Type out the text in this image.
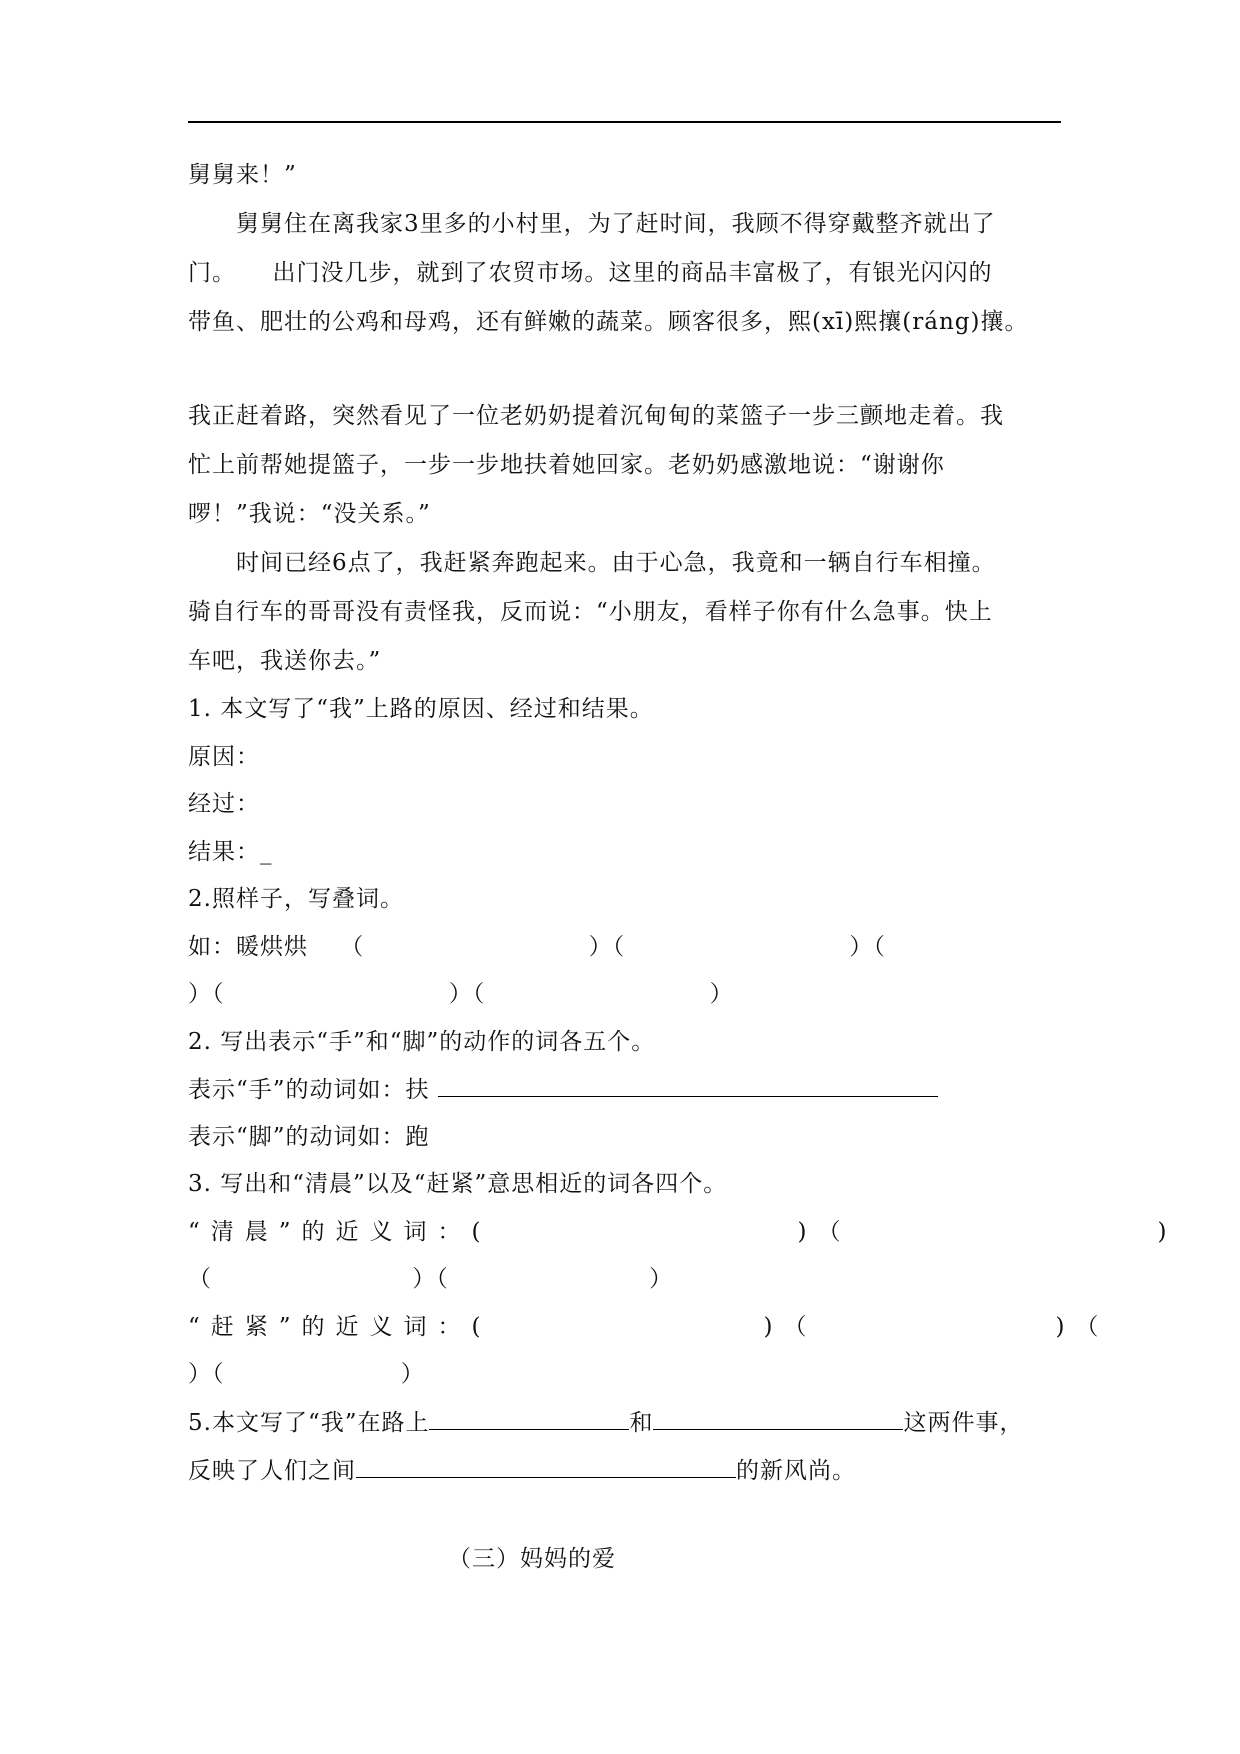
舅舅来！”
舅舅住在离我家3里多的小村里，为了赶时间，我顾不得穿戴整齐就出了
门。　　出门没几步，就到了农贸市场。这里的商品丰富极了，有银光闪闪的
带鱼、肥壮的公鸡和母鸡，还有鲜嫩的蔬菜。顾客很多，熙(xī)熙攘(ráng)攘。
我正赶着路，突然看见了一位老奶奶提着沉甸甸的菜篮子一步三颤地走着。我
忙上前帮她提篮子，一步一步地扶着她回家。老奶奶感激地说：“谢谢你
啰！”我说：“没关系。”
时间已经6点了，我赶紧奔跑起来。由于心急，我竟和一辆自行车相撞。
骑自行车的哥哥没有责怪我，反而说：“小朋友，看样子你有什么急事。快上
车吧，我送你去。”
1. 本文写了“我”上路的原因、经过和结果。
原因：
经过：
结果：_
2.照样子，写叠词。
如：暖烘烘　 （　　　　　　　　　 ）（　　　　　　　　　 ）（
）（　　　　　　　　　 ）（　　　　　　　　　 ）
2. 写出表示“手”和“脚”的动作的词各五个。
表示“手”的动词如：扶
表示“脚”的动词如：跑
3. 写出和“清晨”以及“赶紧”意思相近的词各四个。
“清晨”的近义词：(　　　　　　　　　)（　　　　　　　　　)
（　　　　　　　　 ）（　　　　　　　　 ）
“赶紧”的近义词：(　　　　　　　　)（　　　　　　　)（
）（　　　　　　　 ）
5.本文写了“我”在路上	和	这两件事，
反映了人们之间	的新风尚。
（三）妈妈的爱
